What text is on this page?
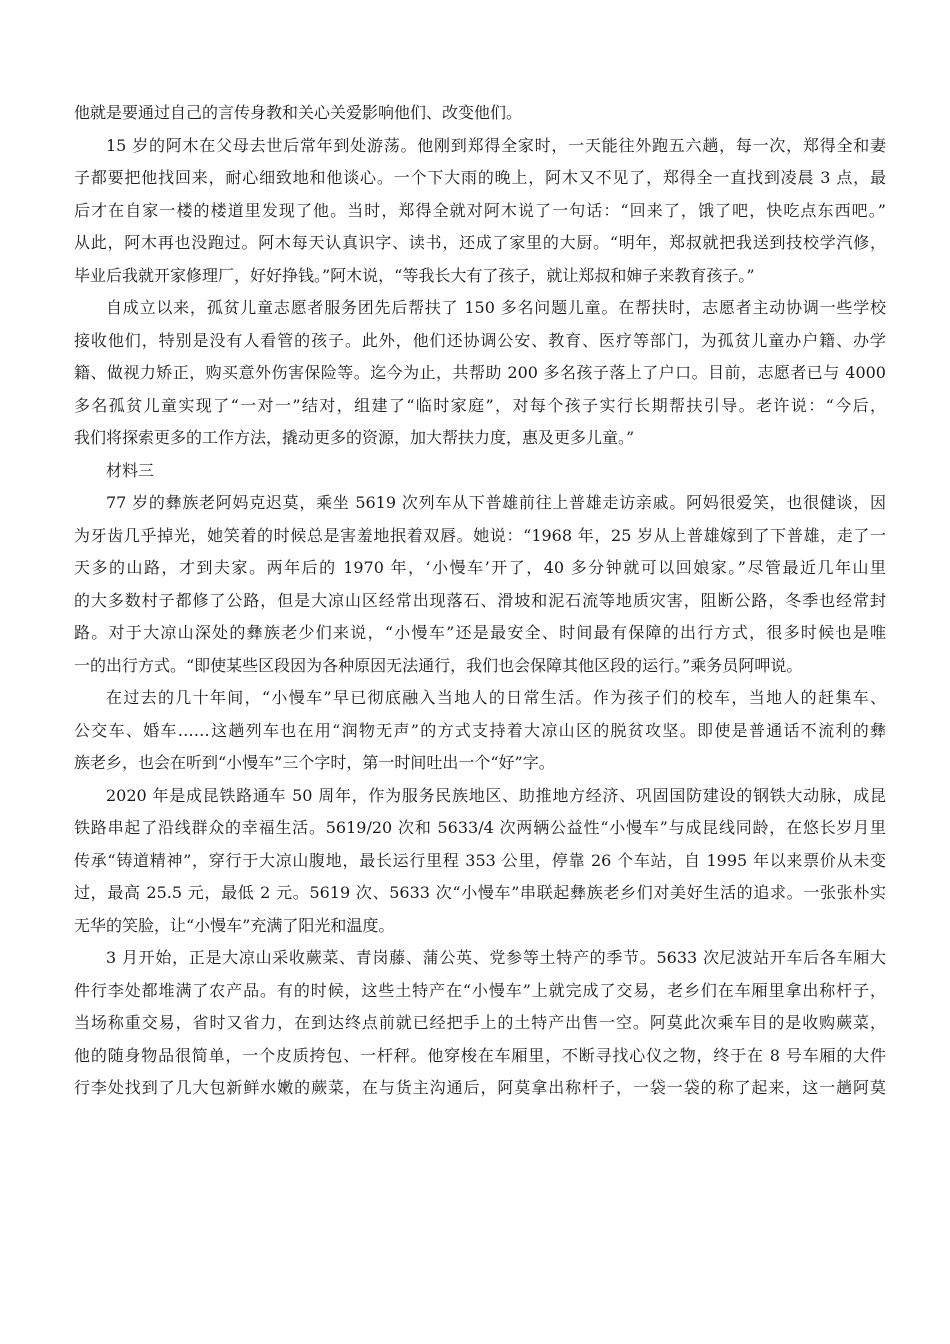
他就是要通过自己的言传身教和关心关爱影响他们、改变他们。

15 岁的阿木在父母去世后常年到处游荡。他刚到郑得全家时，一天能往外跑五六趟，每一次，郑得全和妻
子都要把他找回来，耐心细致地和他谈心。一个下大雨的晚上，阿木又不见了，郑得全一直找到凌晨 3 点，最
后才在自家一楼的楼道里发现了他。当时，郑得全就对阿木说了一句话：“回来了，饿了吧，快吃点东西吧。”
从此，阿木再也没跑过。阿木每天认真识字、读书，还成了家里的大厨。“明年，郑叔就把我送到技校学汽修，
毕业后我就开家修理厂，好好挣钱。”阿木说，“等我长大有了孩子，就让郑叔和婶子来教育孩子。”

自成立以来，孤贫儿童志愿者服务团先后帮扶了 150 多名问题儿童。在帮扶时，志愿者主动协调一些学校
接收他们，特别是没有人看管的孩子。此外，他们还协调公安、教育、医疗等部门，为孤贫儿童办户籍、办学
籍、做视力矫正，购买意外伤害保险等。迄今为止，共帮助 200 多名孩子落上了户口。目前，志愿者已与 4000
多名孤贫儿童实现了“一对一”结对，组建了“临时家庭”，对每个孩子实行长期帮扶引导。老许说：“今后，
我们将探索更多的工作方法，撬动更多的资源，加大帮扶力度，惠及更多儿童。”

材料三

77 岁的彝族老阿妈克迟莫，乘坐 5619 次列车从下普雄前往上普雄走访亲戚。阿妈很爱笑，也很健谈，因
为牙齿几乎掉光，她笑着的时候总是害羞地抿着双唇。她说：“1968 年，25 岁从上普雄嫁到了下普雄，走了一
天多的山路，才到夫家。两年后的 1970 年，‘小慢车’开了，40 多分钟就可以回娘家。”尽管最近几年山里
的大多数村子都修了公路，但是大凉山区经常出现落石、滑坡和泥石流等地质灾害，阻断公路，冬季也经常封
路。对于大凉山深处的彝族老少们来说，“小慢车”还是最安全、时间最有保障的出行方式，很多时候也是唯
一的出行方式。“即使某些区段因为各种原因无法通行，我们也会保障其他区段的运行。”乘务员阿呷说。

在过去的几十年间，“小慢车”早已彻底融入当地人的日常生活。作为孩子们的校车，当地人的赶集车、
公交车、婚车……这趟列车也在用“润物无声”的方式支持着大凉山区的脱贫攻坚。即使是普通话不流利的彝
族老乡，也会在听到“小慢车”三个字时，第一时间吐出一个“好”字。

2020 年是成昆铁路通车 50 周年，作为服务民族地区、助推地方经济、巩固国防建设的钢铁大动脉，成昆
铁路串起了沿线群众的幸福生活。5619/20 次和 5633/4 次两辆公益性“小慢车”与成昆线同龄，在悠长岁月里
传承“铸道精神”，穿行于大凉山腹地，最长运行里程 353 公里，停靠 26 个车站，自 1995 年以来票价从未变
过，最高 25.5 元，最低 2 元。5619 次、5633 次“小慢车”串联起彝族老乡们对美好生活的追求。一张张朴实
无华的笑脸，让“小慢车”充满了阳光和温度。

3 月开始，正是大凉山采收蕨菜、青岗藤、蒲公英、党参等土特产的季节。5633 次尼波站开车后各车厢大
件行李处都堆满了农产品。有的时候，这些土特产在“小慢车”上就完成了交易，老乡们在车厢里拿出称杆子，
当场称重交易，省时又省力，在到达终点前就已经把手上的土特产出售一空。阿莫此次乘车目的是收购蕨菜，
他的随身物品很简单，一个皮质挎包、一杆秤。他穿梭在车厢里，不断寻找心仪之物，终于在 8 号车厢的大件
行李处找到了几大包新鲜水嫩的蕨菜，在与货主沟通后，阿莫拿出称杆子，一袋一袋的称了起来，这一趟阿莫
